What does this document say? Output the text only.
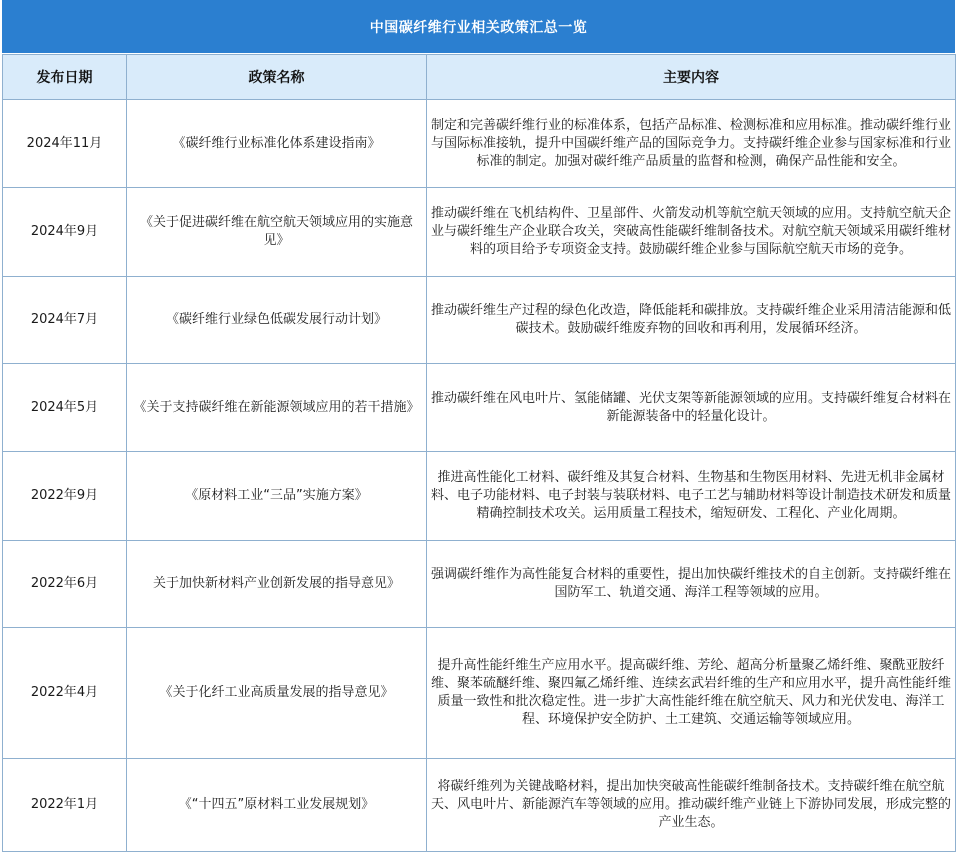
中国碳纤维行业相关政策汇总一览
发布日期	政策名称	主要内容
2024年11月	《碳纤维行业标准化体系建设指南》	制定和完善碳纤维行业的标准体系，包括产品标准、检测标准和应用标准。推动碳纤维行业与国际标准接轨，提升中国碳纤维产品的国际竞争力。支持碳纤维企业参与国家标准和行业标准的制定。加强对碳纤维产品质量的监督和检测，确保产品性能和安全。
2024年9月	《关于促进碳纤维在航空航天领域应用的实施意见》	推动碳纤维在飞机结构件、卫星部件、火箭发动机等航空航天领域的应用。支持航空航天企业与碳纤维生产企业联合攻关，突破高性能碳纤维制备技术。对航空航天领域采用碳纤维材料的项目给予专项资金支持。鼓励碳纤维企业参与国际航空航天市场的竞争。
2024年7月	《碳纤维行业绿色低碳发展行动计划》	推动碳纤维生产过程的绿色化改造，降低能耗和碳排放。支持碳纤维企业采用清洁能源和低碳技术。鼓励碳纤维废弃物的回收和再利用，发展循环经济。
2024年5月	《关于支持碳纤维在新能源领域应用的若干措施》	推动碳纤维在风电叶片、氢能储罐、光伏支架等新能源领域的应用。支持碳纤维复合材料在新能源装备中的轻量化设计。
2022年9月	《原材料工业“三品”实施方案》	推进高性能化工材料、碳纤维及其复合材料、生物基和生物医用材料、先进无机非金属材料、电子功能材料、电子封装与装联材料、电子工艺与辅助材料等设计制造技术研发和质量精确控制技术攻关。运用质量工程技术，缩短研发、工程化、产业化周期。
2022年6月	关于加快新材料产业创新发展的指导意见》	强调碳纤维作为高性能复合材料的重要性，提出加快碳纤维技术的自主创新。支持碳纤维在国防军工、轨道交通、海洋工程等领域的应用。
2022年4月	《关于化纤工业高质量发展的指导意见》	提升高性能纤维生产应用水平。提高碳纤维、芳纶、超高分析量聚乙烯纤维、聚酰亚胺纤维、聚苯硫醚纤维、聚四氟乙烯纤维、连续玄武岩纤维的生产和应用水平，提升高性能纤维质量一致性和批次稳定性。进一步扩大高性能纤维在航空航天、风力和光伏发电、海洋工程、环境保护安全防护、土工建筑、交通运输等领域应用。
2022年1月	《“十四五”原材料工业发展规划》	将碳纤维列为关键战略材料，提出加快突破高性能碳纤维制备技术。支持碳纤维在航空航天、风电叶片、新能源汽车等领域的应用。推动碳纤维产业链上下游协同发展，形成完整的产业生态。
